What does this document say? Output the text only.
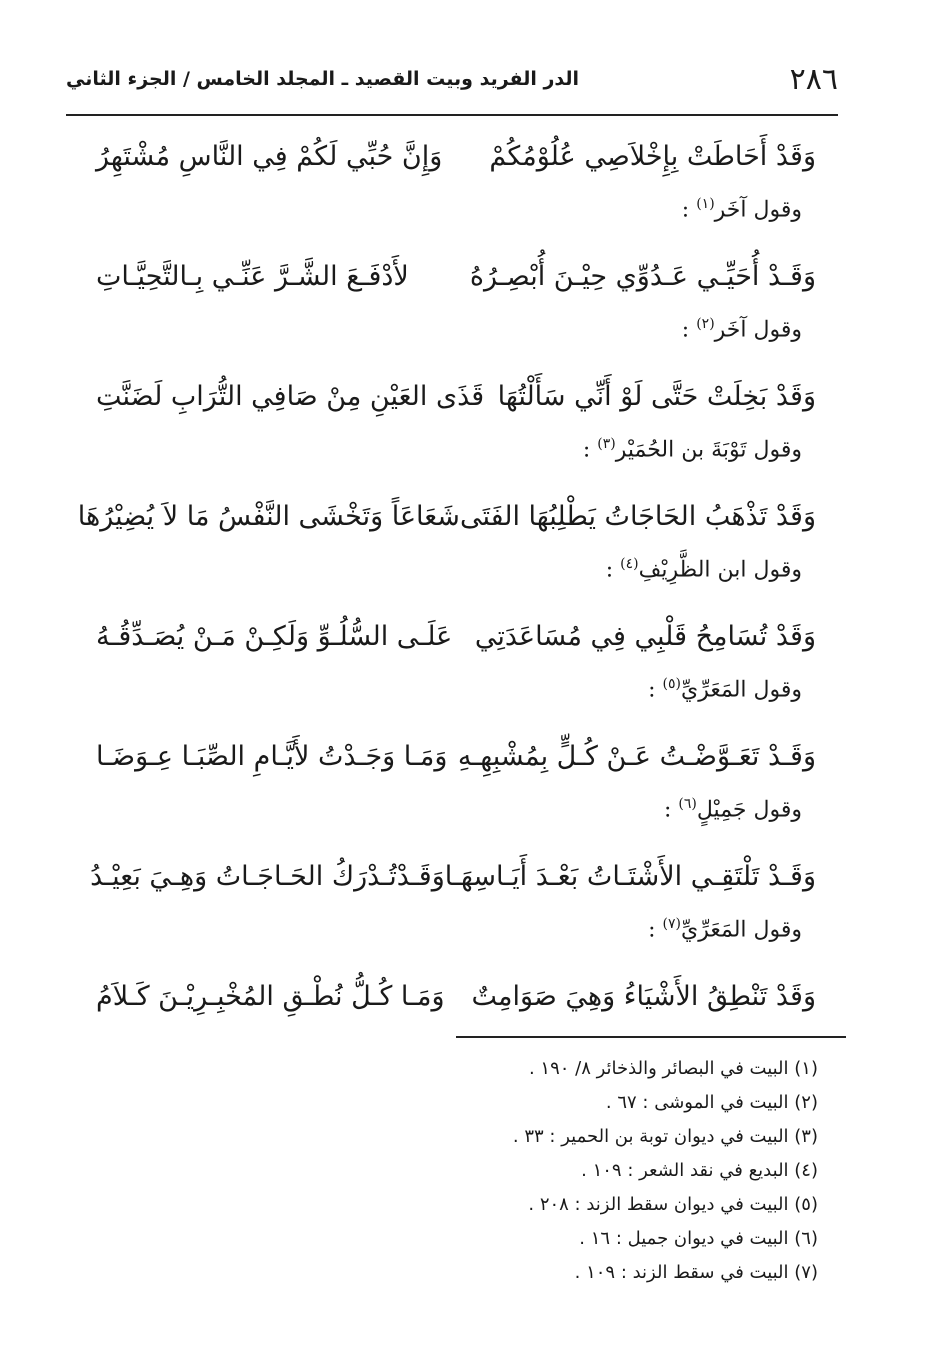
٢٨٦
الدر الفريد وبيت القصيد ـ المجلد الخامس / الجزء الثاني
وَقَدْ أَحَاطَتْ بِإِخْلاَصِي عُلُوْمُكُمْ
وَإِنَّ حُبِّي لَكُمْ فِي النَّاسِ مُشْتَهِرُ
وقول آخَر$^{(١)}$ :
وَقَـدْ أُحَيِّـي عَـدُوِّي حِيْـنَ أُبْصِـرُهُ
لأَدْفَـعَ الشَّـرَّ عَنِّـي بِـالتَّحِيَّـاتِ
وقول آخَر$^{(٢)}$ :
وَقَدْ بَخِلَتْ حَتَّى لَوْ أَنِّي سَأَلْتُهَا
قَذَى العَيْنِ مِنْ صَافِي التُّرَابِ لَضَنَّتِ
وقول تَوْبَةَ بن الحُمَيْر$^{(٣)}$ :
وَقَدْ تَذْهَبُ الحَاجَاتُ يَطْلِبُهَا الفَتَى
شَعَاعَاً وَتَخْشَى النَّفْسُ مَا لاَ يُضِيْرُهَا
وقول ابن الظَّرِيْفِ$^{(٤)}$ :
وَقَدْ تُسَامِحُ قَلْبِي فِي مُسَاعَدَتِي
عَلَـى السُّلُـوِّ وَلَكِـنْ مَـنْ يُصَـدِّقُـهُ
وقول المَعَرِّيِّ$^{(٥)}$ :
وَقَـدْ تَعَـوَّضْـتُ عَـنْ كُـلٍّ بِمُشْبِهِـهِ
وَمَـا وَجَـدْتُ لأَيَّـامِ الصِّبَـا عِـوَضَـا
وقول جَمِيْلٍ$^{(٦)}$ :
وَقَـدْ تَلْتَقِـي الأَشْتَـاتُ بَعْـدَ أَيَـاسِهَـا
وَقَـدْتُـدْرَكُ الحَـاجَـاتُ وَهِـيَ بَعِيْـدُ
وقول المَعَرِّيِّ$^{(٧)}$ :
وَقَدْ تَنْطِقُ الأَشْيَاءُ وَهِيَ صَوَامِتٌ
وَمَـا كُـلُّ نُطْـقِ المُخْبِـرِيْـنَ كَـلاَمُ
(١) البيت في البصائر والذخائر ٨/ ١٩٠ .
(٢) البيت في الموشى : ٦٧ .
(٣) البيت في ديوان توبة بن الحمير : ٣٣ .
(٤) البديع في نقد الشعر : ١٠٩ .
(٥) البيت في ديوان سقط الزند : ٢٠٨ .
(٦) البيت في ديوان جميل : ١٦ .
(٧) البيت في سقط الزند : ١٠٩ .
